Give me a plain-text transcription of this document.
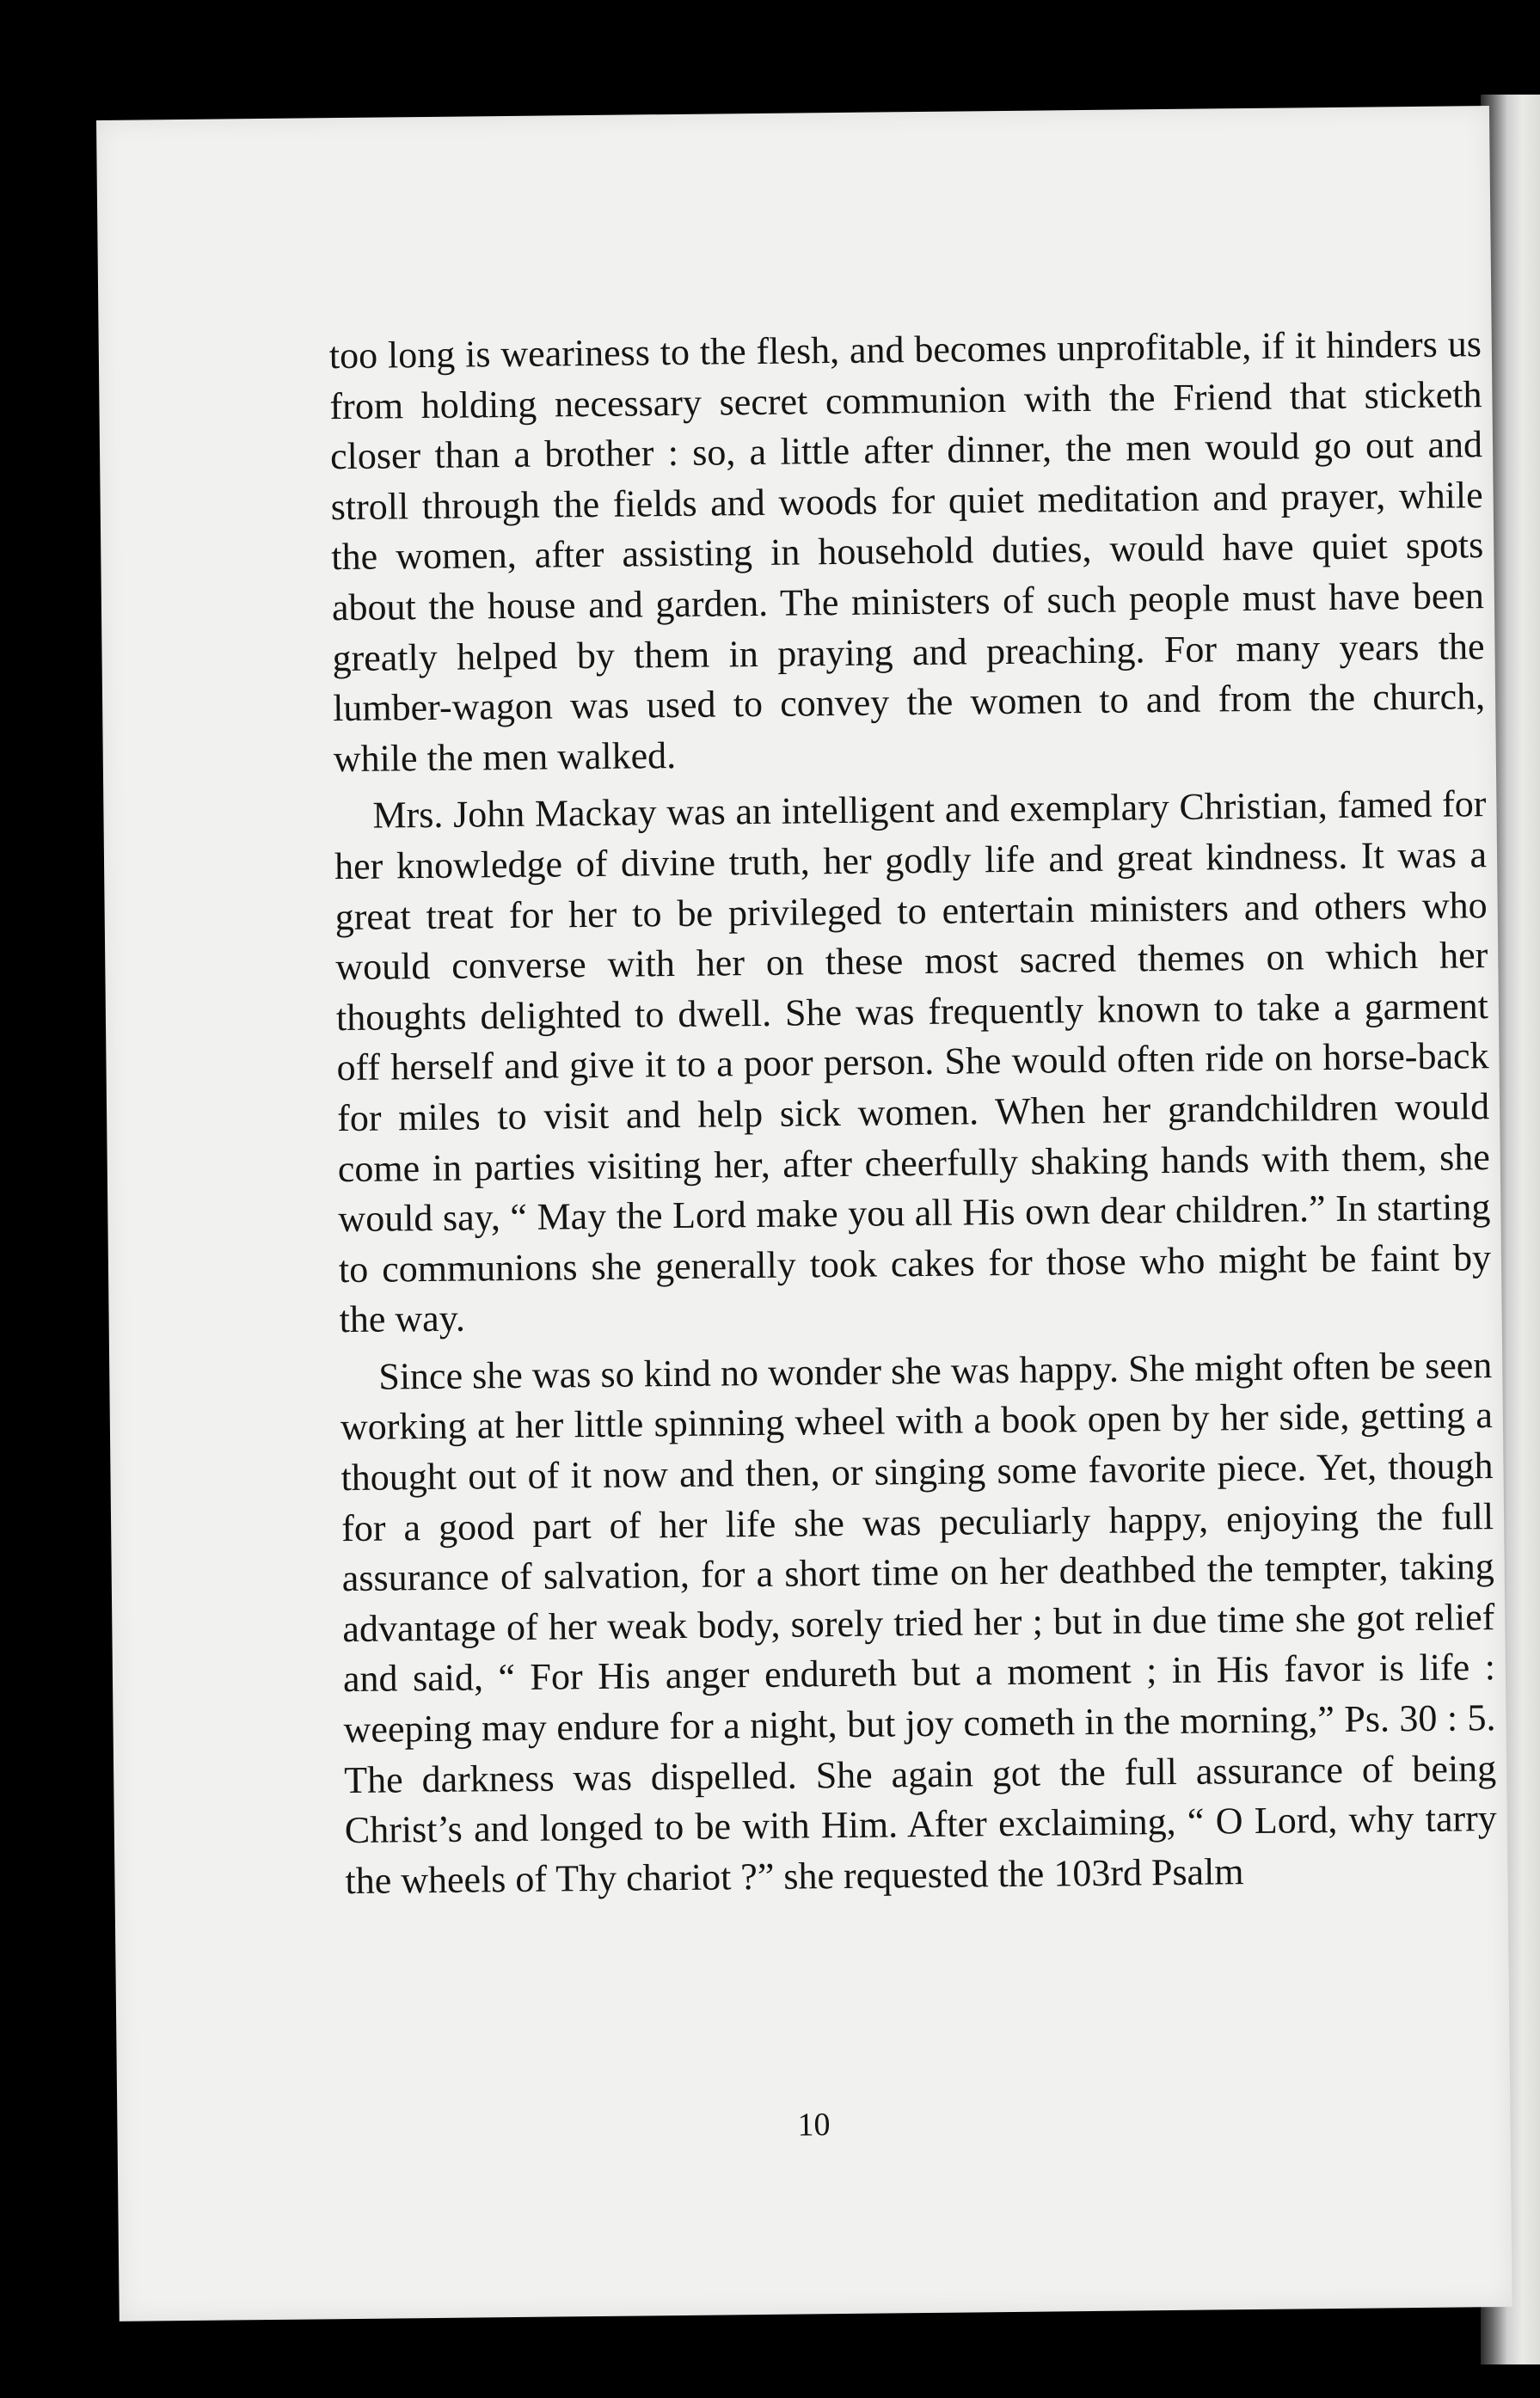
too long is weariness to the flesh, and becomes unprofitable, if it hinders us from holding necessary secret communion with the Friend that sticketh closer than a brother : so, a little after dinner, the men would go out and stroll through the fields and woods for quiet meditation and prayer, while the women, after assisting in household duties, would have quiet spots about the house and garden. The ministers of such people must have been greatly helped by them in praying and preaching. For many years the lumber-wagon was used to convey the women to and from the church, while the men walked.

Mrs. John Mackay was an intelligent and exemplary Christian, famed for her knowledge of divine truth, her godly life and great kindness. It was a great treat for her to be privileged to entertain ministers and others who would converse with her on these most sacred themes on which her thoughts delighted to dwell. She was frequently known to take a garment off herself and give it to a poor person. She would often ride on horse-back for miles to visit and help sick women. When her grandchildren would come in parties visiting her, after cheerfully shaking hands with them, she would say, “ May the Lord make you all His own dear children.” In starting to communions she generally took cakes for those who might be faint by the way.

Since she was so kind no wonder she was happy. She might often be seen working at her little spinning wheel with a book open by her side, getting a thought out of it now and then, or singing some favorite piece. Yet, though for a good part of her life she was peculiarly happy, enjoying the full assurance of salvation, for a short time on her deathbed the tempter, taking advantage of her weak body, sorely tried her ; but in due time she got relief and said, “ For His anger endureth but a moment ; in His favor is life : weeping may endure for a night, but joy cometh in the morning,” Ps. 30 : 5. The darkness was dispelled. She again got the full assurance of being Christ’s and longed to be with Him. After exclaiming, “ O Lord, why tarry the wheels of Thy chariot ?” she requested the 103rd Psalm

10
